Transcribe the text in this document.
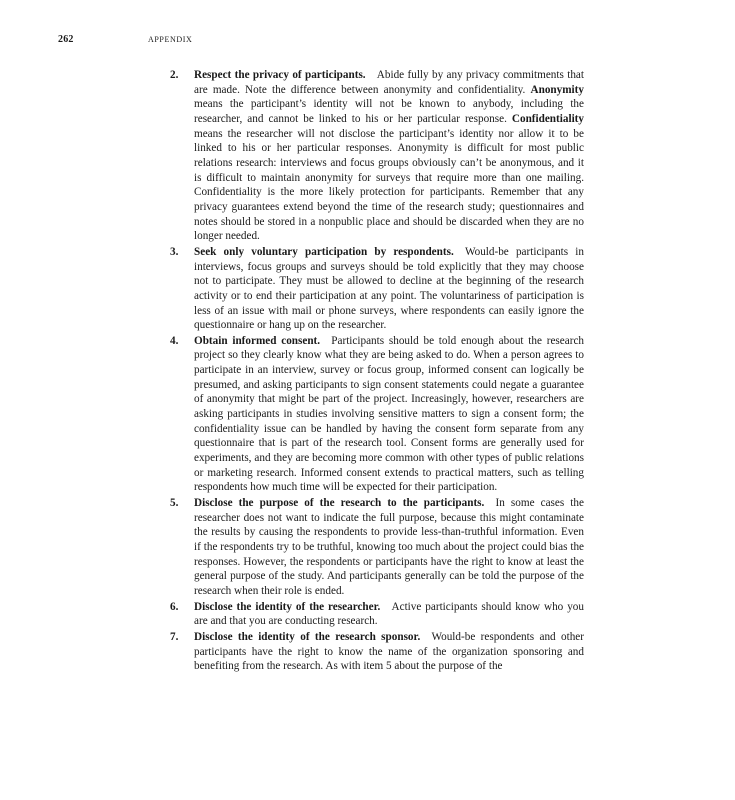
262	APPENDIX
2. Respect the privacy of participants.  Abide fully by any privacy commitments that are made. Note the difference between anonymity and confidentiality. Anonymity means the participant’s identity will not be known to anybody, including the researcher, and cannot be linked to his or her particular response. Confidentiality means the researcher will not disclose the participant’s identity nor allow it to be linked to his or her particular responses. Anonymity is difficult for most public relations research: interviews and focus groups obviously can’t be anonymous, and it is difficult to maintain anonymity for surveys that require more than one mailing. Confidentiality is the more likely protection for participants. Remember that any privacy guarantees extend beyond the time of the research study; questionnaires and notes should be stored in a nonpublic place and should be discarded when they are no longer needed.
3. Seek only voluntary participation by respondents.  Would-be participants in interviews, focus groups and surveys should be told explicitly that they may choose not to participate. They must be allowed to decline at the beginning of the research activity or to end their participation at any point. The voluntariness of participation is less of an issue with mail or phone surveys, where respondents can easily ignore the questionnaire or hang up on the researcher.
4. Obtain informed consent.  Participants should be told enough about the research project so they clearly know what they are being asked to do. When a person agrees to participate in an interview, survey or focus group, informed consent can logically be presumed, and asking participants to sign consent statements could negate a guarantee of anonymity that might be part of the project. Increasingly, however, researchers are asking participants in studies involving sensitive matters to sign a consent form; the confidentiality issue can be handled by having the consent form separate from any questionnaire that is part of the research tool. Consent forms are generally used for experiments, and they are becoming more common with other types of public relations or marketing research. Informed consent extends to practical matters, such as telling respondents how much time will be expected for their participation.
5. Disclose the purpose of the research to the participants.  In some cases the researcher does not want to indicate the full purpose, because this might contaminate the results by causing the respondents to provide less-than-truthful information. Even if the respondents try to be truthful, knowing too much about the project could bias the responses. However, the respondents or participants have the right to know at least the general purpose of the study. And participants generally can be told the purpose of the research when their role is ended.
6. Disclose the identity of the researcher.  Active participants should know who you are and that you are conducting research.
7. Disclose the identity of the research sponsor.  Would-be respondents and other participants have the right to know the name of the organization sponsoring and benefiting from the research. As with item 5 about the purpose of the
